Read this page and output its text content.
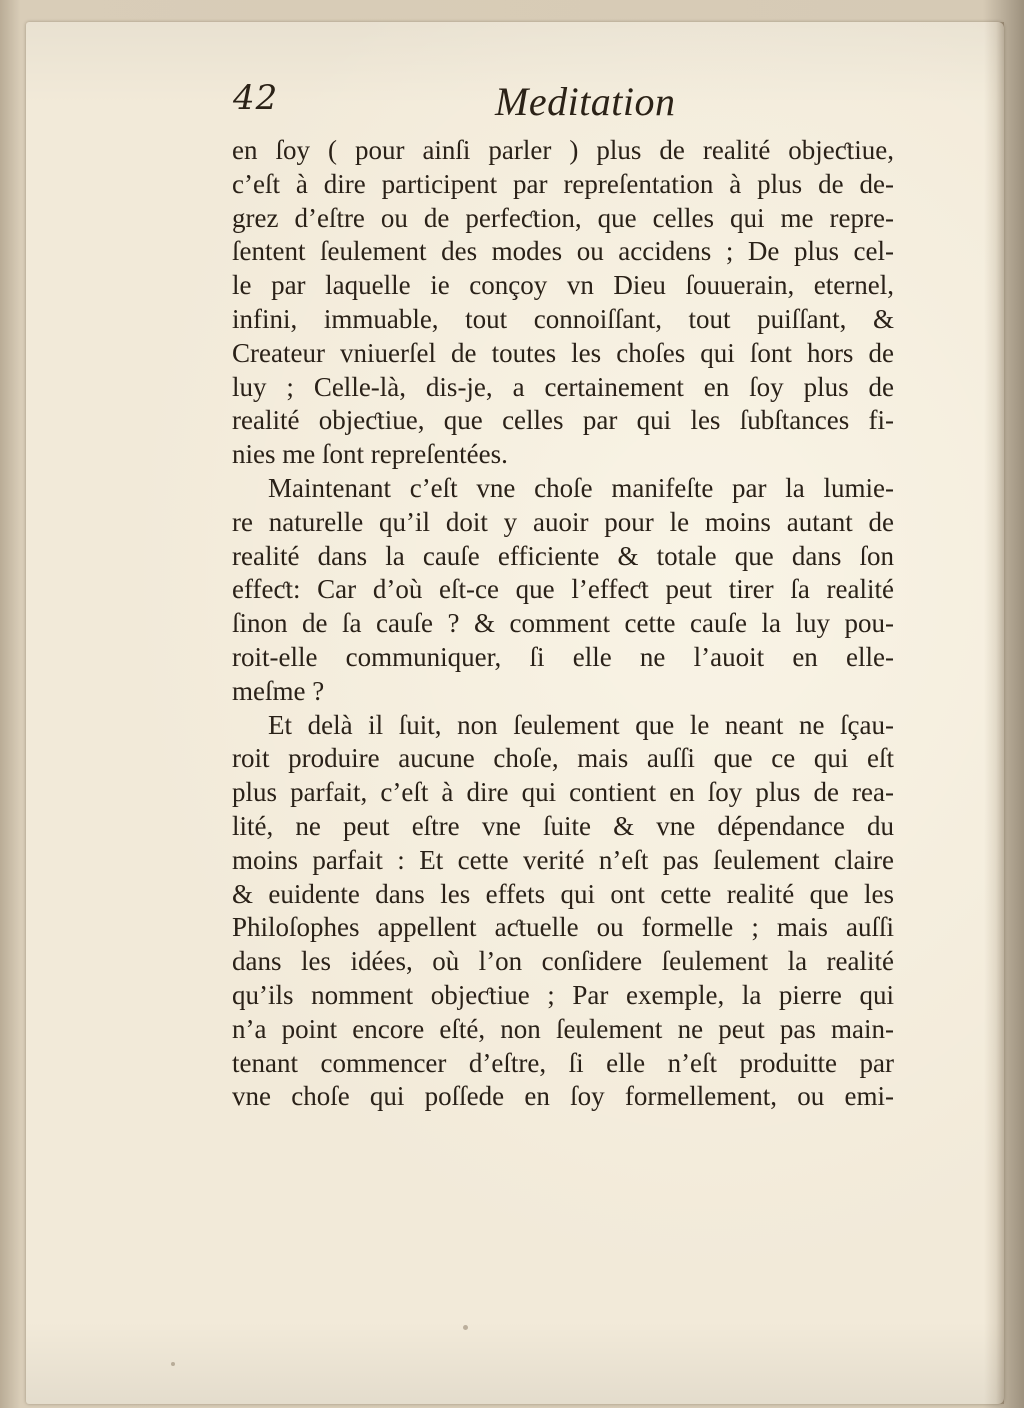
42	Meditation
en ſoy ( pour ainſi parler ) plus de realité objeƈtiue,
c’eſt à dire participent par repreſentation à plus de de-
grez d’eſtre ou de perfeƈtion, que celles qui me repre-
ſentent ſeulement des modes ou accidens ; De plus cel-
le par laquelle ie conçoy vn Dieu ſouuerain, eternel,
infini, immuable, tout connoiſſant, tout puiſſant, &
Createur vniuerſel de toutes les choſes qui ſont hors de
luy ; Celle-là, dis-je, a certainement en ſoy plus de
realité objeƈtiue, que celles par qui les ſubſtances fi-
nies me ſont repreſentées.
Maintenant c’eſt vne choſe manifeſte par la lumie-
re naturelle qu’il doit y auoir pour le moins autant de
realité dans la cauſe efficiente & totale que dans ſon
effeƈt: Car d’où eſt-ce que l’effeƈt peut tirer ſa realité
ſinon de ſa cauſe ? & comment cette cauſe la luy pou-
roit-elle communiquer, ſi elle ne l’auoit en elle-
meſme ?
Et delà il ſuit, non ſeulement que le neant ne ſçau-
roit produire aucune choſe, mais auſſi que ce qui eſt
plus parfait, c’eſt à dire qui contient en ſoy plus de rea-
lité, ne peut eſtre vne ſuite & vne dépendance du
moins parfait : Et cette verité n’eſt pas ſeulement claire
& euidente dans les effets qui ont cette realité que les
Philoſophes appellent aƈtuelle ou formelle ; mais auſſi
dans les idées, où l’on conſidere ſeulement la realité
qu’ils nomment objeƈtiue ; Par exemple, la pierre qui
n’a point encore eſté, non ſeulement ne peut pas main-
tenant commencer d’eſtre, ſi elle n’eſt produitte par
vne choſe qui poſſede en ſoy formellement, ou emi-
